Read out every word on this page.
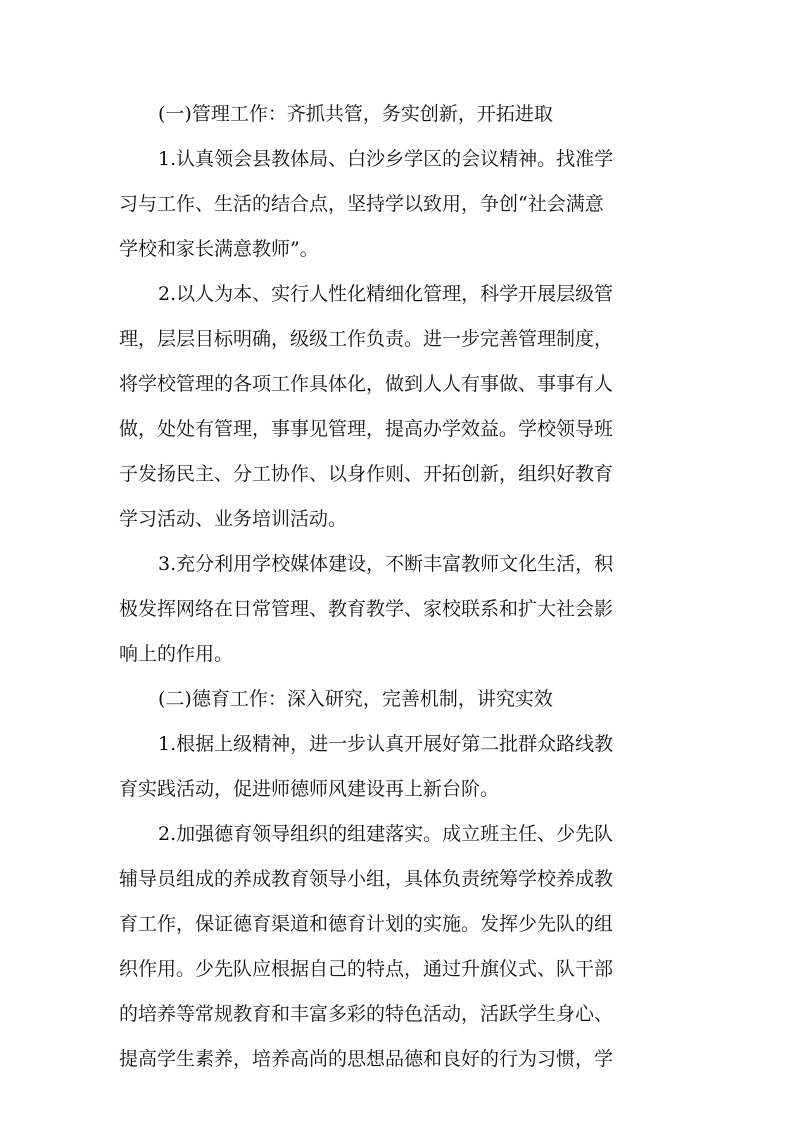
(一)管理工作：齐抓共管，务实创新，开拓进取
1.认真领会县教体局、白沙乡学区的会议精神。找准学
习与工作、生活的结合点，坚持学以致用，争创“社会满意
学校和家长满意教师”。
2.以人为本、实行人性化精细化管理，科学开展层级管
理，层层目标明确，级级工作负责。进一步完善管理制度，
将学校管理的各项工作具体化，做到人人有事做、事事有人
做，处处有管理，事事见管理，提高办学效益。学校领导班
子发扬民主、分工协作、以身作则、开拓创新，组织好教育
学习活动、业务培训活动。
3.充分利用学校媒体建设，不断丰富教师文化生活，积
极发挥网络在日常管理、教育教学、家校联系和扩大社会影
响上的作用。
(二)德育工作：深入研究，完善机制，讲究实效
1.根据上级精神，进一步认真开展好第二批群众路线教
育实践活动，促进师德师风建设再上新台阶。
2.加强德育领导组织的组建落实。成立班主任、少先队
辅导员组成的养成教育领导小组，具体负责统筹学校养成教
育工作，保证德育渠道和德育计划的实施。发挥少先队的组
织作用。少先队应根据自己的特点，通过升旗仪式、队干部
的培养等常规教育和丰富多彩的特色活动，活跃学生身心、
提高学生素养，培养高尚的思想品德和良好的行为习惯，学
